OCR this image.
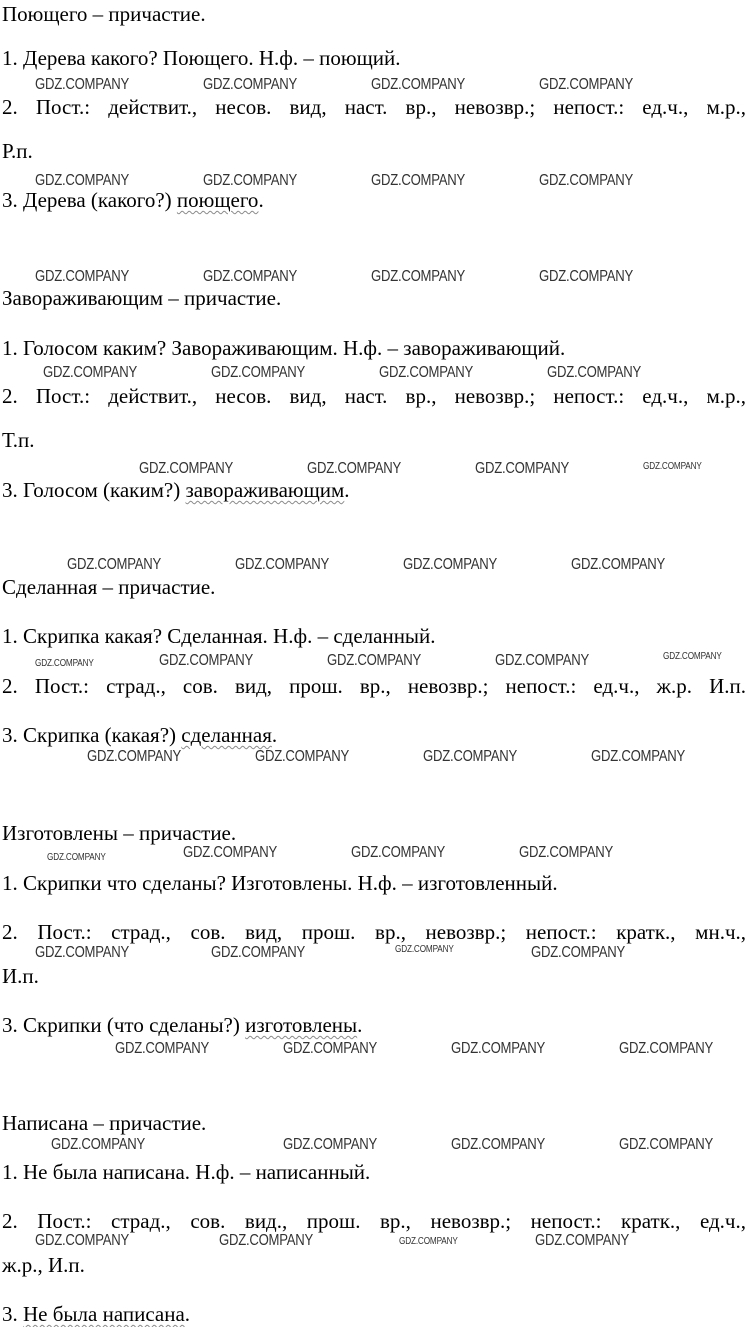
Поющего – причастие.
1. Дерева какого? Поющего. Н.ф. – поющий.
2. Пост.: действит., несов. вид, наст. вр., невозвр.; непост.: ед.ч., м.р.,
Р.п.
3. Дерева (какого?) поющего.
Завораживающим – причастие.
1. Голосом каким? Завораживающим. Н.ф. – завораживающий.
2. Пост.: действит., несов. вид, наст. вр., невозвр.; непост.: ед.ч., м.р.,
Т.п.
3. Голосом (каким?) завораживающим.
Сделанная – причастие.
1. Скрипка какая? Сделанная. Н.ф. – сделанный.
2. Пост.: страд., сов. вид, прош. вр., невозвр.; непост.: ед.ч., ж.р. И.п.
3. Скрипка (какая?) сделанная.
Изготовлены – причастие.
1. Скрипки что сделаны? Изготовлены. Н.ф. – изготовленный.
2. Пост.: страд., сов. вид, прош. вр., невозвр.; непост.: кратк., мн.ч.,
И.п.
3. Скрипки (что сделаны?) изготовлены.
Написана – причастие.
1. Не была написана. Н.ф. – написанный.
2. Пост.: страд., сов. вид., прош. вр., невозвр.; непост.: кратк., ед.ч.,
ж.р., И.п.
3. Не была написана.
GDZ.COMPANY	GDZ.COMPANY	GDZ.COMPANY	GDZ.COMPANY
GDZ.COMPANY	GDZ.COMPANY	GDZ.COMPANY	GDZ.COMPANY
GDZ.COMPANY	GDZ.COMPANY	GDZ.COMPANY	GDZ.COMPANY
GDZ.COMPANY	GDZ.COMPANY	GDZ.COMPANY	GDZ.COMPANY
GDZ.COMPANY	GDZ.COMPANY	GDZ.COMPANY	GDZ.COMPANY
GDZ.COMPANY	GDZ.COMPANY	GDZ.COMPANY	GDZ.COMPANY
GDZ.COMPANY	GDZ.COMPANY	GDZ.COMPANY	GDZ.COMPANY	GDZ.COMPANY
GDZ.COMPANY	GDZ.COMPANY	GDZ.COMPANY	GDZ.COMPANY
GDZ.COMPANY	GDZ.COMPANY	GDZ.COMPANY	GDZ.COMPANY
GDZ.COMPANY	GDZ.COMPANY	GDZ.COMPANY	GDZ.COMPANY
GDZ.COMPANY	GDZ.COMPANY	GDZ.COMPANY	GDZ.COMPANY
GDZ.COMPANY	GDZ.COMPANY	GDZ.COMPANY	GDZ.COMPANY
GDZ.COMPANY	GDZ.COMPANY	GDZ.COMPANY	GDZ.COMPANY
